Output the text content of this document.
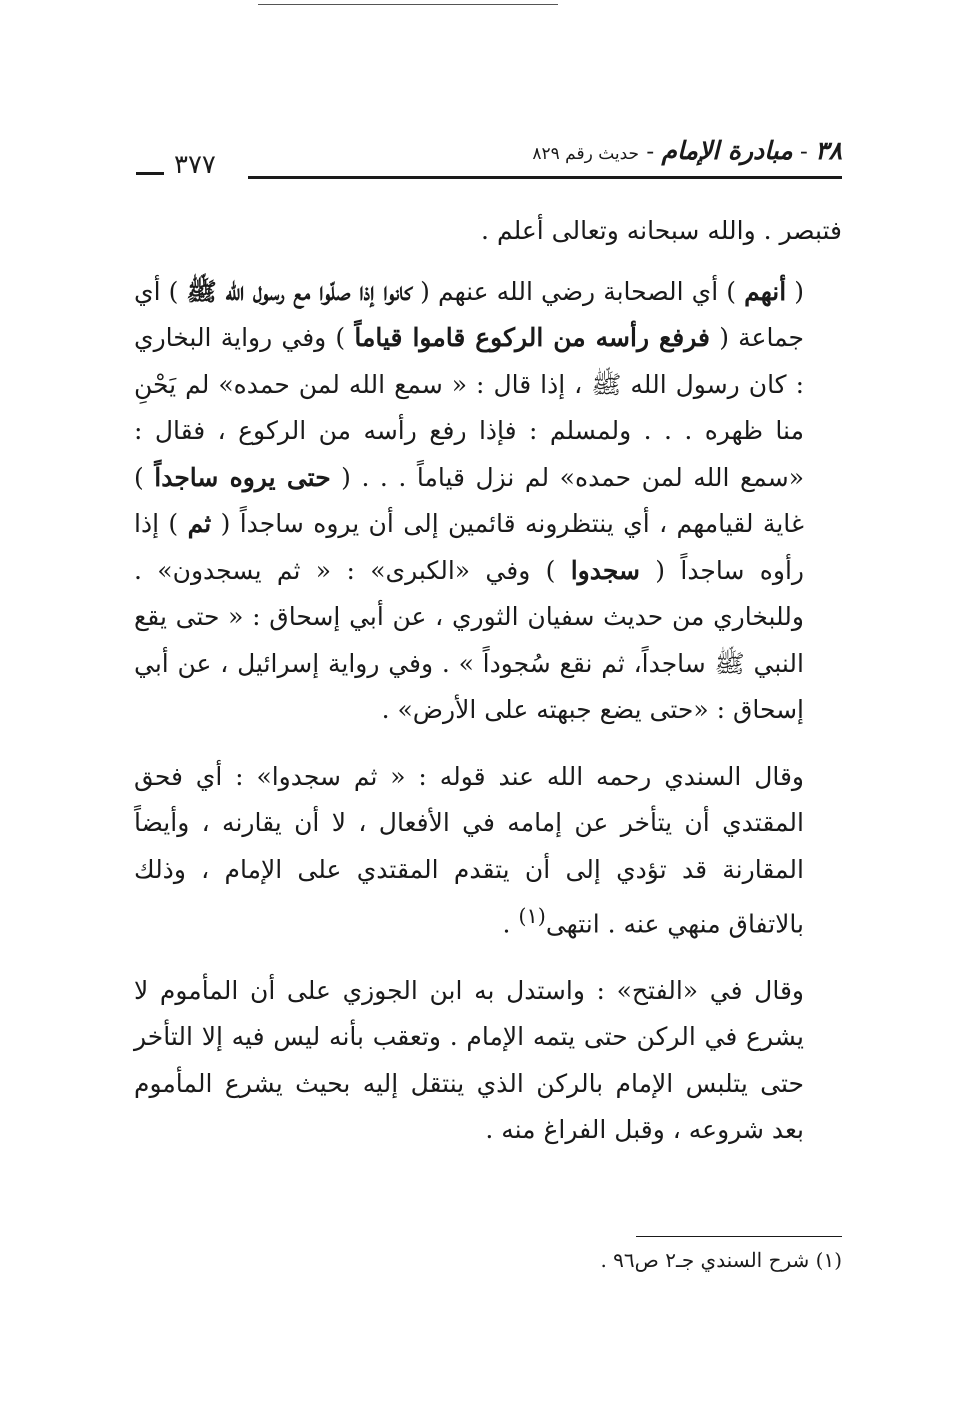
٣٨ - مبادرة الإمام - حديث رقم ٨٢٩
٣٧٧

فتبصر . والله سبحانه وتعالى أعلم .

( أنهم ) أي الصحابة رضي الله عنهم ( كانوا إذا صلّوا مع رسول الله ﷺ ) أي جماعة ( فرفع رأسه من الركوع قاموا قياماً ) وفي رواية البخاري : كان رسول الله ﷺ ، إذا قال : « سمع الله لمن حمده» لم يَحْنِ منا ظهره . . . ولمسلم : فإذا رفع رأسه من الركوع ، فقال : «سمع الله لمن حمده» لم نزل قياماً . . . ( حتى يروه ساجداً ) غاية لقيامهم ، أي ينتظرونه قائمين إلى أن يروه ساجداً ( ثم ) إذا رأوه ساجداً ( سجدوا ) وفي «الكبرى» : « ثم يسجدون» . وللبخاري من حديث سفيان الثوري ، عن أبي إسحاق : « حتى يقع النبي ﷺ ساجداً، ثم نقع سُجوداً » . وفي رواية إسرائيل ، عن أبي إسحاق : «حتى يضع جبهته على الأرض» .

وقال السندي رحمه الله عند قوله : « ثم سجدوا» : أي فحق المقتدي أن يتأخر عن إمامه في الأفعال ، لا أن يقارنه ، وأيضاً المقارنة قد تؤدي إلى أن يتقدم المقتدي على الإمام ، وذلك بالاتفاق منهي عنه . انتهى$^{(١)}$ .

وقال في «الفتح» : واستدل به ابن الجوزي على أن المأموم لا يشرع في الركن حتى يتمه الإمام . وتعقب بأنه ليس فيه إلا التأخر حتى يتلبس الإمام بالركن الذي ينتقل إليه بحيث يشرع المأموم بعد شروعه ، وقبل الفراغ منه .

(١) شرح السندي جـ٢ ص٩٦ .
